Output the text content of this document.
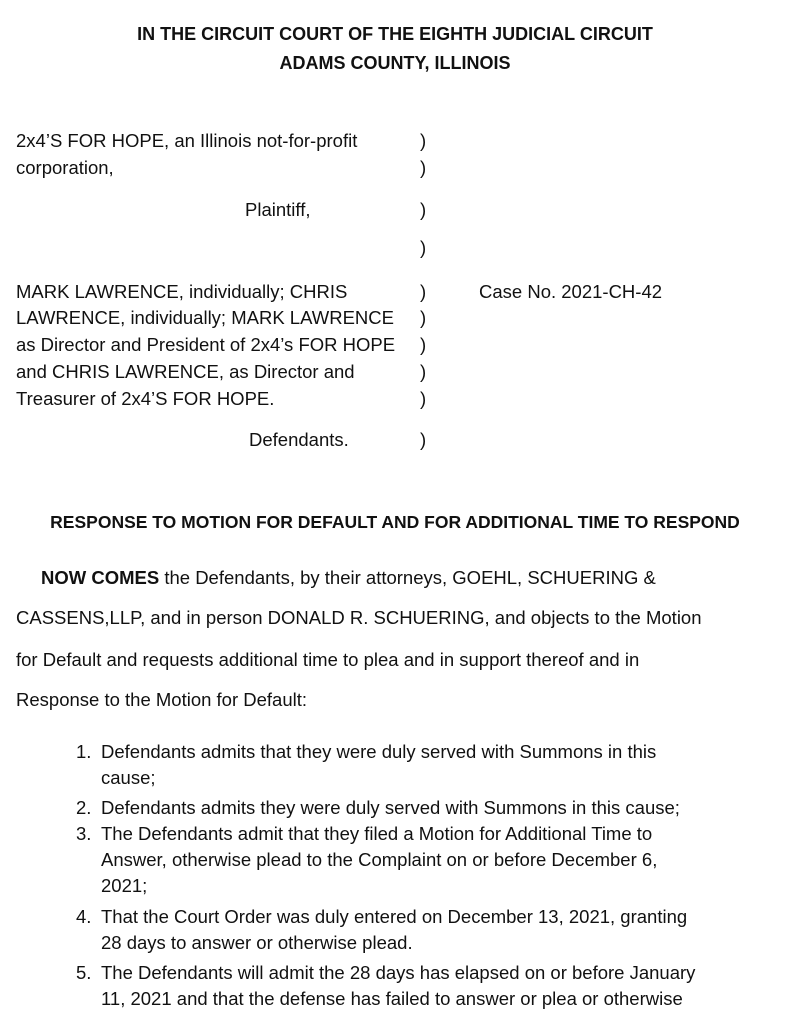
IN THE CIRCUIT COURT OF THE EIGHTH JUDICIAL CIRCUIT
ADAMS COUNTY, ILLINOIS
2x4’S FOR HOPE, an Illinois not-for-profit
corporation,
Plaintiff,
MARK LAWRENCE, individually; CHRIS
LAWRENCE, individually; MARK LAWRENCE
as Director and President of 2x4’s FOR HOPE
and CHRIS LAWRENCE, as Director and
Treasurer of 2x4’S FOR HOPE.
Defendants.
)
)
)
)
)
)
)
)
)
)
Case No. 2021-CH-42
RESPONSE TO MOTION FOR DEFAULT AND FOR ADDITIONAL TIME TO RESPOND
NOW COMES the Defendants, by their attorneys, GOEHL, SCHUERING &
CASSENS,LLP, and in person DONALD R. SCHUERING, and objects to the Motion
for Default and requests additional time to plea and in support thereof and in
Response to the Motion for Default:
1. Defendants admits that they were duly served with Summons in this
cause;
2. Defendants admits they were duly served with Summons in this cause;
3. The Defendants admit that they filed a Motion for Additional Time to
Answer, otherwise plead to the Complaint on or before December 6,
2021;
4. That the Court Order was duly entered on December 13, 2021, granting
28 days to answer or otherwise plead.
5. The Defendants will admit the 28 days has elapsed on or before January
11, 2021 and that the defense has failed to answer or plea or otherwise
